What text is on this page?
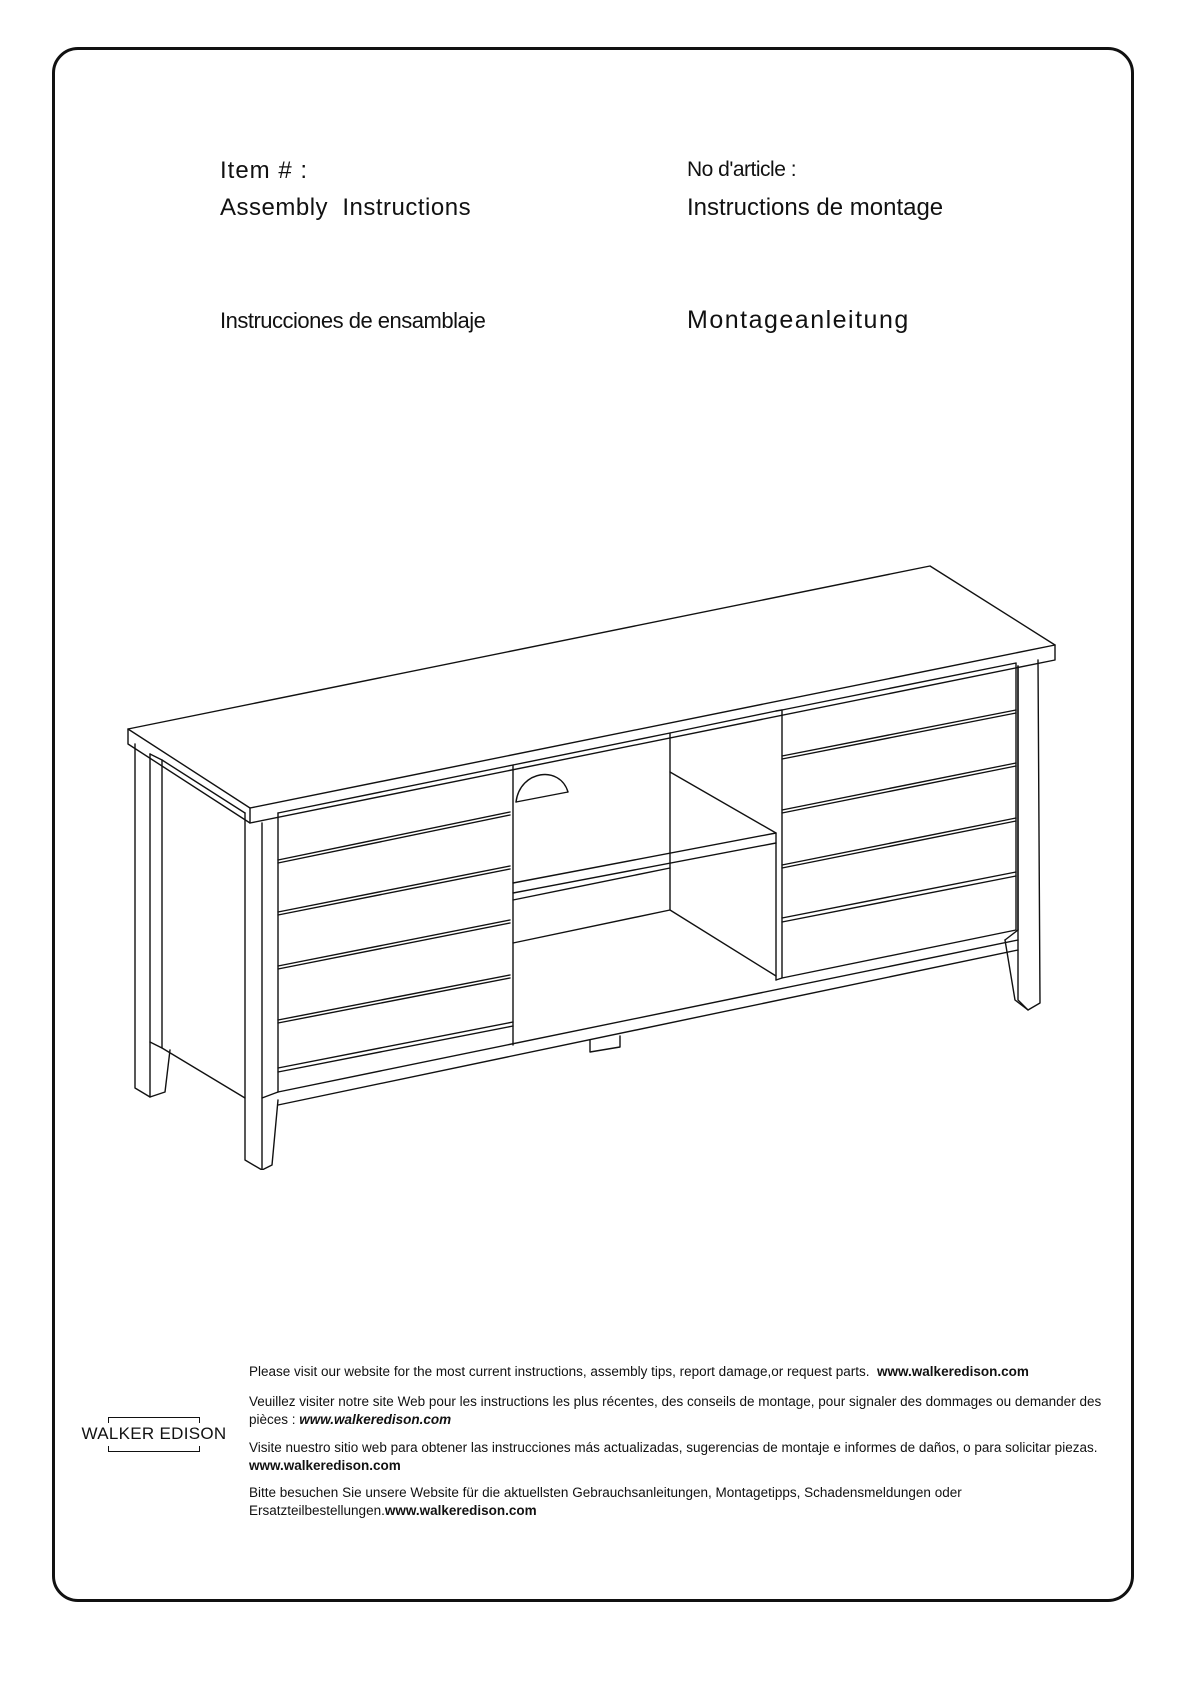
Item # :
Assembly  Instructions
No d'article :
Instructions de montage
Instrucciones de ensamblaje	Montageanleitung
WALKER EDISON
Please visit our website for the most current instructions, assembly tips, report damage,or request parts.  www.walkeredison.com
Veuillez visiter notre site Web pour les instructions les plus récentes, des conseils de montage, pour signaler des dommages ou demander des pièces : www.walkeredison.com
Visite nuestro sitio web para obtener las instrucciones más actualizadas, sugerencias de montaje e informes de daños, o para solicitar piezas. www.walkeredison.com
Bitte besuchen Sie unsere Website für die aktuellsten Gebrauchsanleitungen, Montagetipps, Schadensmeldungen oder Ersatzteilbestellungen.www.walkeredison.com
